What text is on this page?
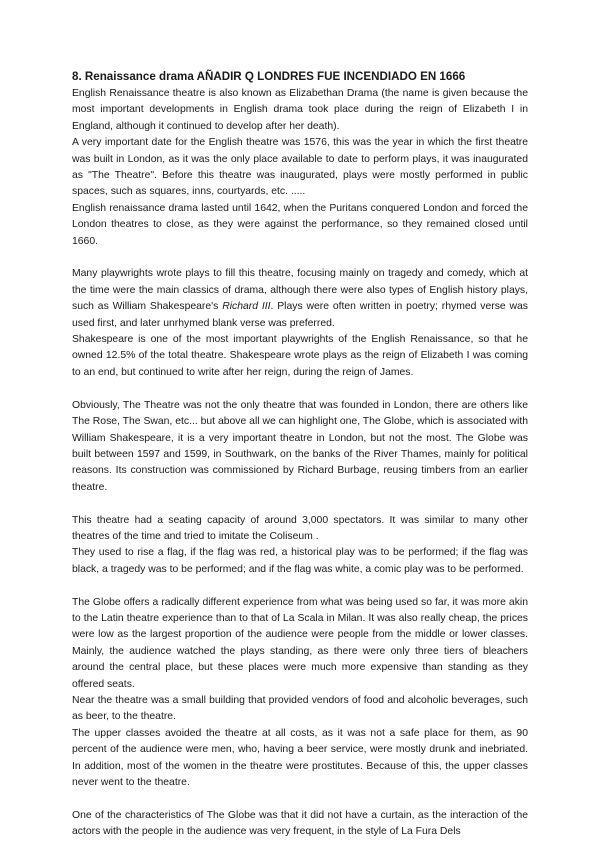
8. Renaissance drama AÑADIR Q LONDRES FUE INCENDIADO EN 1666

English Renaissance theatre is also known as Elizabethan Drama (the name is given because the most important developments in English drama took place during the reign of Elizabeth I in England, although it continued to develop after her death).

A very important date for the English theatre was 1576, this was the year in which the first theatre was built in London, as it was the only place available to date to perform plays, it was inaugurated as "The Theatre". Before this theatre was inaugurated, plays were mostly performed in public spaces, such as squares, inns, courtyards, etc. .....

English renaissance drama lasted until 1642, when the Puritans conquered London and forced the London theatres to close, as they were against the performance, so they remained closed until 1660.

Many playwrights wrote plays to fill this theatre, focusing mainly on tragedy and comedy, which at the time were the main classics of drama, although there were also types of English history plays, such as William Shakespeare's Richard III. Plays were often written in poetry; rhymed verse was used first, and later unrhymed blank verse was preferred.

Shakespeare is one of the most important playwrights of the English Renaissance, so that he owned 12.5% of the total theatre. Shakespeare wrote plays as the reign of Elizabeth I was coming to an end, but continued to write after her reign, during the reign of James.

Obviously, The Theatre was not the only theatre that was founded in London, there are others like The Rose, The Swan, etc... but above all we can highlight one, The Globe, which is associated with William Shakespeare, it is a very important theatre in London, but not the most. The Globe was built between 1597 and 1599, in Southwark, on the banks of the River Thames, mainly for political reasons. Its construction was commissioned by Richard Burbage, reusing timbers from an earlier theatre.

This theatre had a seating capacity of around 3,000 spectators. It was similar to many other theatres of the time and tried to imitate the Coliseum .

They used to rise a flag, if the flag was red, a historical play was to be performed; if the flag was black, a tragedy was to be performed; and if the flag was white, a comic play was to be performed.

The Globe offers a radically different experience from what was being used so far, it was more akin to the Latin theatre experience than to that of La Scala in Milan. It was also really cheap, the prices were low as the largest proportion of the audience were people from the middle or lower classes. Mainly, the audience watched the plays standing, as there were only three tiers of bleachers around the central place, but these places were much more expensive than standing as they offered seats.

Near the theatre was a small building that provided vendors of food and alcoholic beverages, such as beer, to the theatre.

The upper classes avoided the theatre at all costs, as it was not a safe place for them, as 90 percent of the audience were men, who, having a beer service, were mostly drunk and inebriated. In addition, most of the women in the theatre were prostitutes. Because of this, the upper classes never went to the theatre.

One of the characteristics of The Globe was that it did not have a curtain, as the interaction of the actors with the people in the audience was very frequent, in the style of La Fura Dels
